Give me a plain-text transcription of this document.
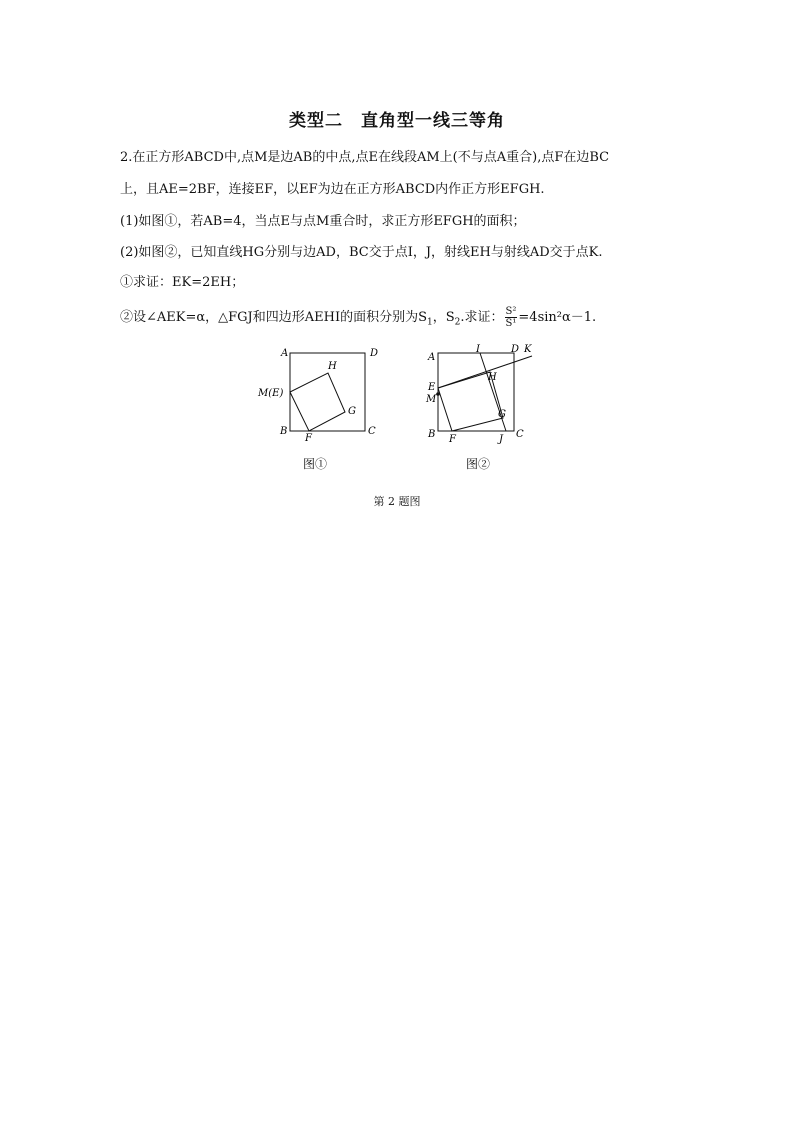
类型二 直角型一线三等角
2.在正方形ABCD中,点M是边AB的中点,点E在线段AM上(不与点A重合),点F在边BC
上，且AE=2BF，连接EF，以EF为边在正方形ABCD内作正方形EFGH.
(1)如图①，若AB=4，当点E与点M重合时，求正方形EFGH的面积；
(2)如图②，已知直线HG分别与边AD，BC交于点I，J，射线EH与射线AD交于点K.
①求证：EK=2EH；
②设∠AEK=α，△FGJ和四边形AEHI的面积分别为$S_1$，$S_2$.求证： $\frac{\text{S²}}{\text{S¹}} =4\sin^2\alpha-1$.
A	D
M(E)
B	C
F
G
H
A
I	D K
H
E
M
G
B F	J C
图①	图②
第 2 题图
